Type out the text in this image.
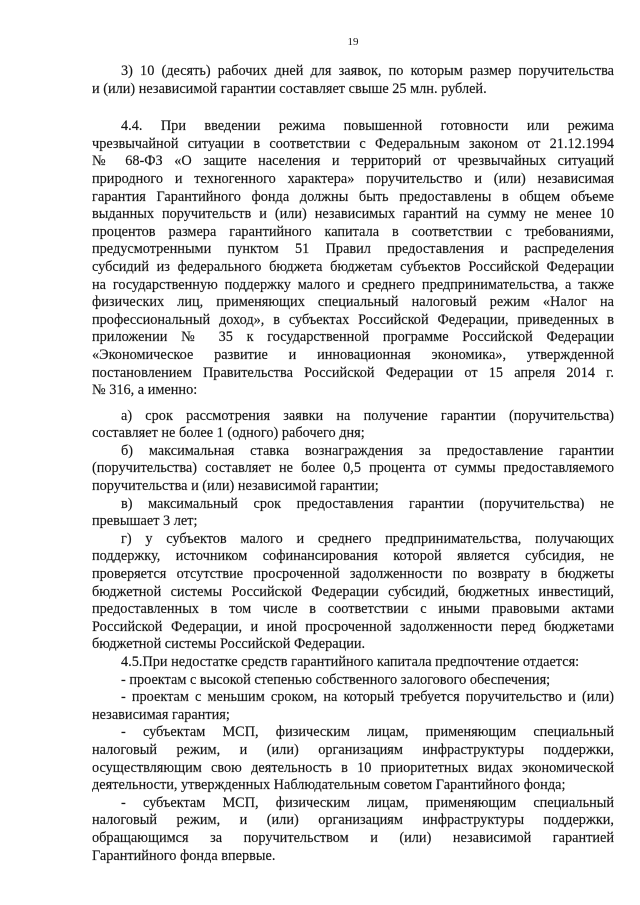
19
3) 10 (десять) рабочих дней для заявок, по которым размер поручительства
и (или) независимой гарантии составляет свыше 25 млн. рублей.
4.4. При введении режима повышенной готовности или режима
чрезвычайной ситуации в соответствии с Федеральным законом от 21.12.1994
№ 68-ФЗ «О защите населения и территорий от чрезвычайных ситуаций
природного и техногенного характера» поручительство и (или) независимая
гарантия Гарантийного фонда должны быть предоставлены в общем объеме
выданных поручительств и (или) независимых гарантий на сумму не менее 10
процентов размера гарантийного капитала в соответствии с требованиями,
предусмотренными пунктом 51 Правил предоставления и распределения
субсидий из федерального бюджета бюджетам субъектов Российской Федерации
на государственную поддержку малого и среднего предпринимательства, а также
физических лиц, применяющих специальный налоговый режим «Налог на
профессиональный доход», в субъектах Российской Федерации, приведенных в
приложении № 35 к государственной программе Российской Федерации
«Экономическое развитие и инновационная экономика», утвержденной
постановлением Правительства Российской Федерации от 15 апреля 2014 г.
№ 316, а именно:
а) срок рассмотрения заявки на получение гарантии (поручительства)
составляет не более 1 (одного) рабочего дня;
б) максимальная ставка вознаграждения за предоставление гарантии
(поручительства) составляет не более 0,5 процента от суммы предоставляемого
поручительства и (или) независимой гарантии;
в) максимальный срок предоставления гарантии (поручительства) не
превышает 3 лет;
г) у субъектов малого и среднего предпринимательства, получающих
поддержку, источником софинансирования которой является субсидия, не
проверяется отсутствие просроченной задолженности по возврату в бюджеты
бюджетной системы Российской Федерации субсидий, бюджетных инвестиций,
предоставленных в том числе в соответствии с иными правовыми актами
Российской Федерации, и иной просроченной задолженности перед бюджетами
бюджетной системы Российской Федерации.
4.5.При недостатке средств гарантийного капитала предпочтение отдается:
- проектам с высокой степенью собственного залогового обеспечения;
- проектам с меньшим сроком, на который требуется поручительство и (или)
независимая гарантия;
- субъектам МСП, физическим лицам, применяющим специальный
налоговый режим, и (или) организациям инфраструктуры поддержки,
осуществляющим свою деятельность в 10 приоритетных видах экономической
деятельности, утвержденных Наблюдательным советом Гарантийного фонда;
- субъектам МСП, физическим лицам, применяющим специальный
налоговый режим, и (или) организациям инфраструктуры поддержки,
обращающимся за поручительством и (или) независимой гарантией
Гарантийного фонда впервые.
